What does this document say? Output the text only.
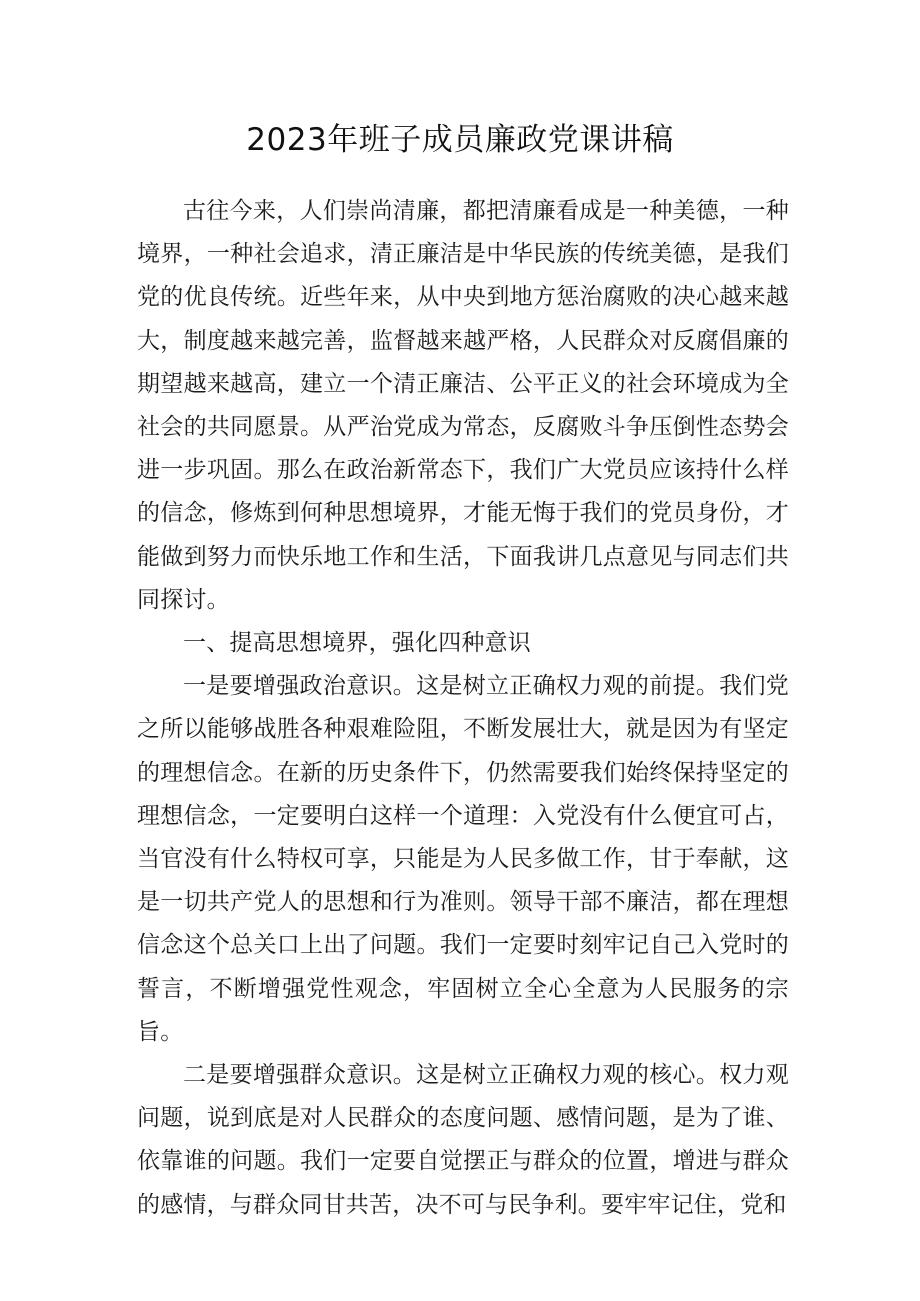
2023年班子成员廉政党课讲稿

古往今来，人们崇尚清廉，都把清廉看成是一种美德，一种境界，一种社会追求，清正廉洁是中华民族的传统美德，是我们党的优良传统。近些年来，从中央到地方惩治腐败的决心越来越大，制度越来越完善，监督越来越严格，人民群众对反腐倡廉的期望越来越高，建立一个清正廉洁、公平正义的社会环境成为全社会的共同愿景。从严治党成为常态，反腐败斗争压倒性态势会进一步巩固。那么在政治新常态下，我们广大党员应该持什么样的信念，修炼到何种思想境界，才能无悔于我们的党员身份，才能做到努力而快乐地工作和生活，下面我讲几点意见与同志们共同探讨。

一、提高思想境界，强化四种意识

一是要增强政治意识。这是树立正确权力观的前提。我们党之所以能够战胜各种艰难险阻，不断发展壮大，就是因为有坚定的理想信念。在新的历史条件下，仍然需要我们始终保持坚定的理想信念，一定要明白这样一个道理：入党没有什么便宜可占，当官没有什么特权可享，只能是为人民多做工作，甘于奉献，这是一切共产党人的思想和行为准则。领导干部不廉洁，都在理想信念这个总关口上出了问题。我们一定要时刻牢记自己入党时的誓言，不断增强党性观念，牢固树立全心全意为人民服务的宗旨。

二是要增强群众意识。这是树立正确权力观的核心。权力观问题，说到底是对人民群众的态度问题、感情问题，是为了谁、依靠谁的问题。我们一定要自觉摆正与群众的位置，增进与群众的感情，与群众同甘共苦，决不可与民争利。要牢牢记住，党和
